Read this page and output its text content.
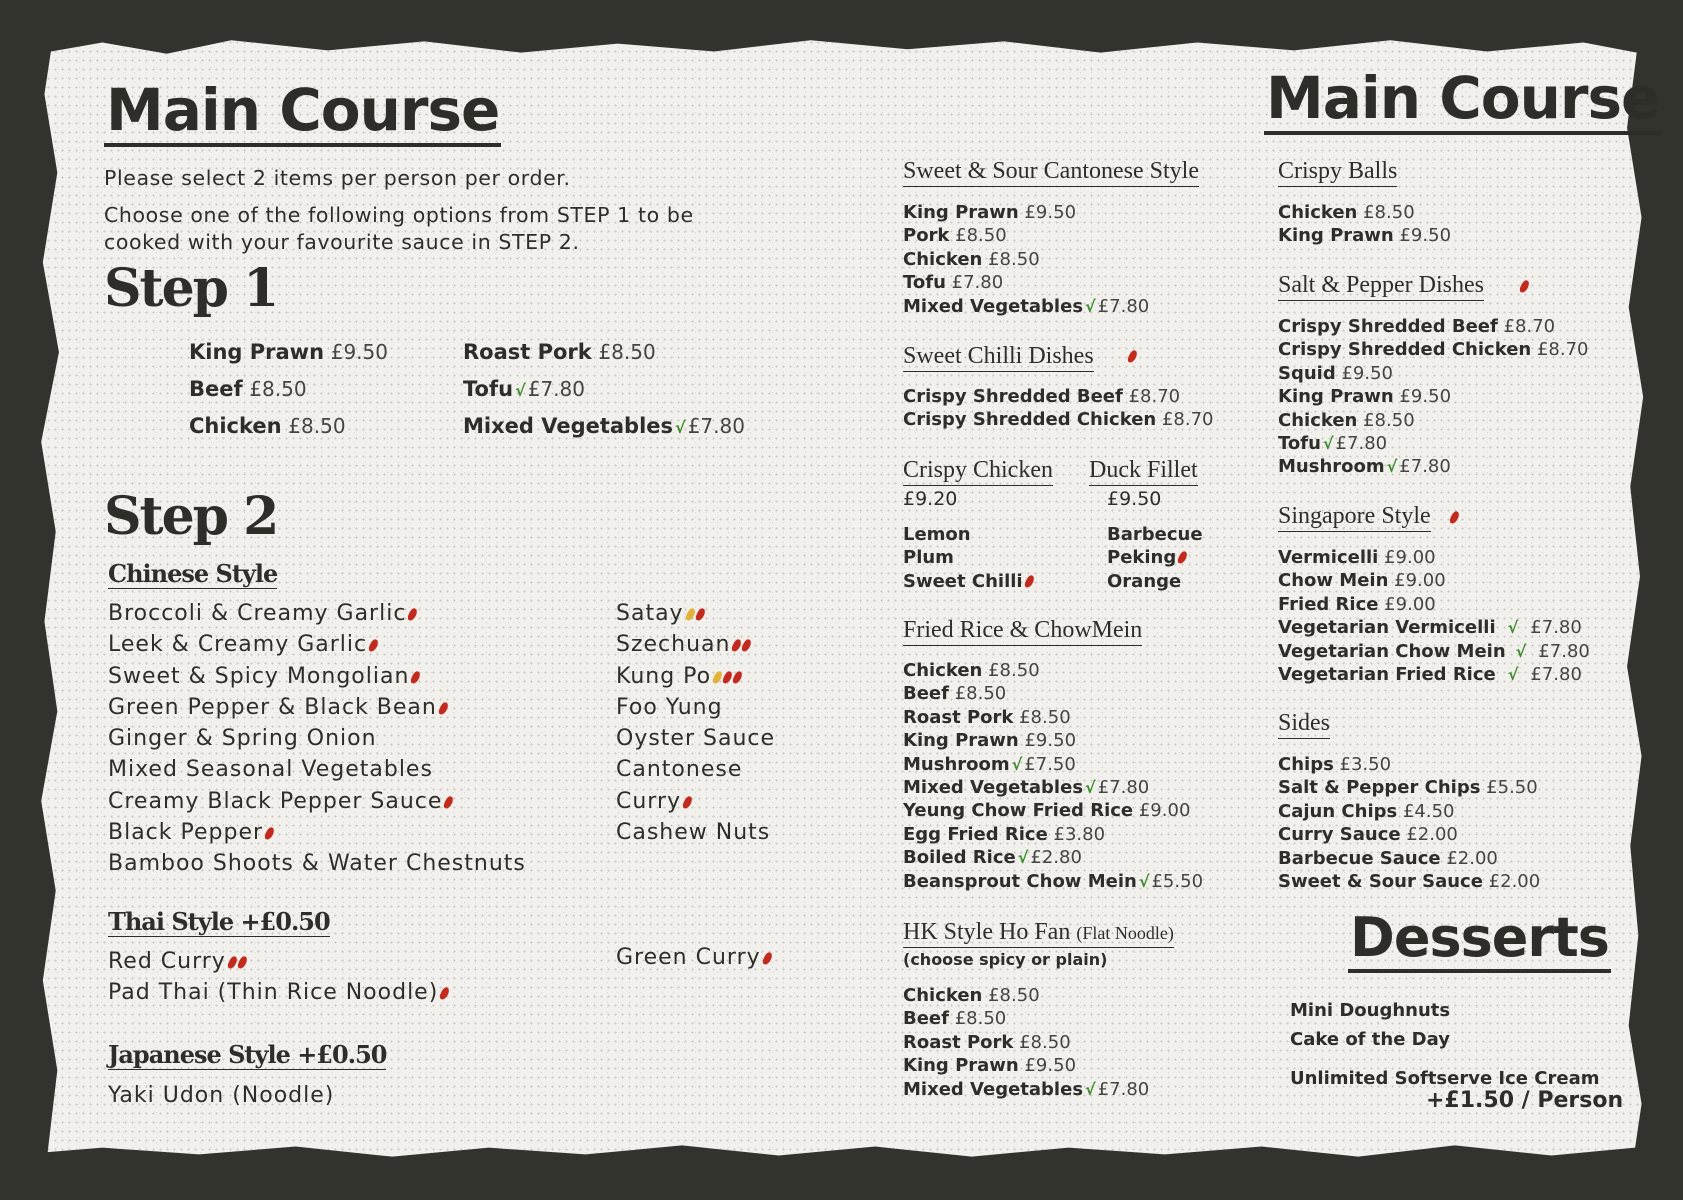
Main Course
Please select 2 items per person per order.
Choose one of the following options from STEP 1 to be
cooked with your favourite sauce in STEP 2.
Step 1
King Prawn £9.50
Beef £8.50
Chicken £8.50
Roast Pork £8.50
Tofu √ £7.80
Mixed Vegetables √ £7.80
Step 2
Chinese Style
Broccoli & Creamy Garlic
Leek & Creamy Garlic
Sweet & Spicy Mongolian
Green Pepper & Black Bean
Ginger & Spring Onion
Mixed Seasonal Vegetables
Creamy Black Pepper Sauce
Black Pepper
Bamboo Shoots & Water Chestnuts
Satay
Szechuan
Kung Po
Foo Yung
Oyster Sauce
Cantonese
Curry
Cashew Nuts
Thai Style +£0.50
Red Curry
Pad Thai (Thin Rice Noodle)
Green Curry
Japanese Style +£0.50
Yaki Udon (Noodle)
Sweet & Sour Cantonese Style
King Prawn £9.50
Pork £8.50
Chicken £8.50
Tofu £7.80
Mixed Vegetables √ £7.80
Sweet Chilli Dishes
Crispy Shredded Beef £8.70
Crispy Shredded Chicken £8.70
Crispy Chicken Duck Fillet
£9.20	£9.50
Lemon
Plum
Sweet Chilli
Barbecue
Peking
Orange
Fried Rice & ChowMein
Chicken £8.50
Beef £8.50
Roast Pork £8.50
King Prawn £9.50
Mushroom √ £7.50
Mixed Vegetables √ £7.80
Yeung Chow Fried Rice £9.00
Egg Fried Rice £3.80
Boiled Rice √ £2.80
Beansprout Chow Mein √ £5.50
HK Style Ho Fan (Flat Noodle)
(choose spicy or plain)
Chicken £8.50
Beef £8.50
Roast Pork £8.50
King Prawn £9.50
Mixed Vegetables √ £7.80
Main Course
Crispy Balls
Chicken £8.50
King Prawn £9.50
Salt & Pepper Dishes
Crispy Shredded Beef £8.70
Crispy Shredded Chicken £8.70
Squid £9.50
King Prawn £9.50
Chicken £8.50
Tofu √ £7.80
Mushroom √ £7.80
Singapore Style
Vermicelli £9.00
Chow Mein £9.00
Fried Rice £9.00
Vegetarian Vermicelli √ £7.80
Vegetarian Chow Mein √ £7.80
Vegetarian Fried Rice √ £7.80
Sides
Chips £3.50
Salt & Pepper Chips £5.50
Cajun Chips £4.50
Curry Sauce £2.00
Barbecue Sauce £2.00
Sweet & Sour Sauce £2.00
Desserts
Mini Doughnuts
Cake of the Day
Unlimited Softserve Ice Cream
+£1.50 / Person
